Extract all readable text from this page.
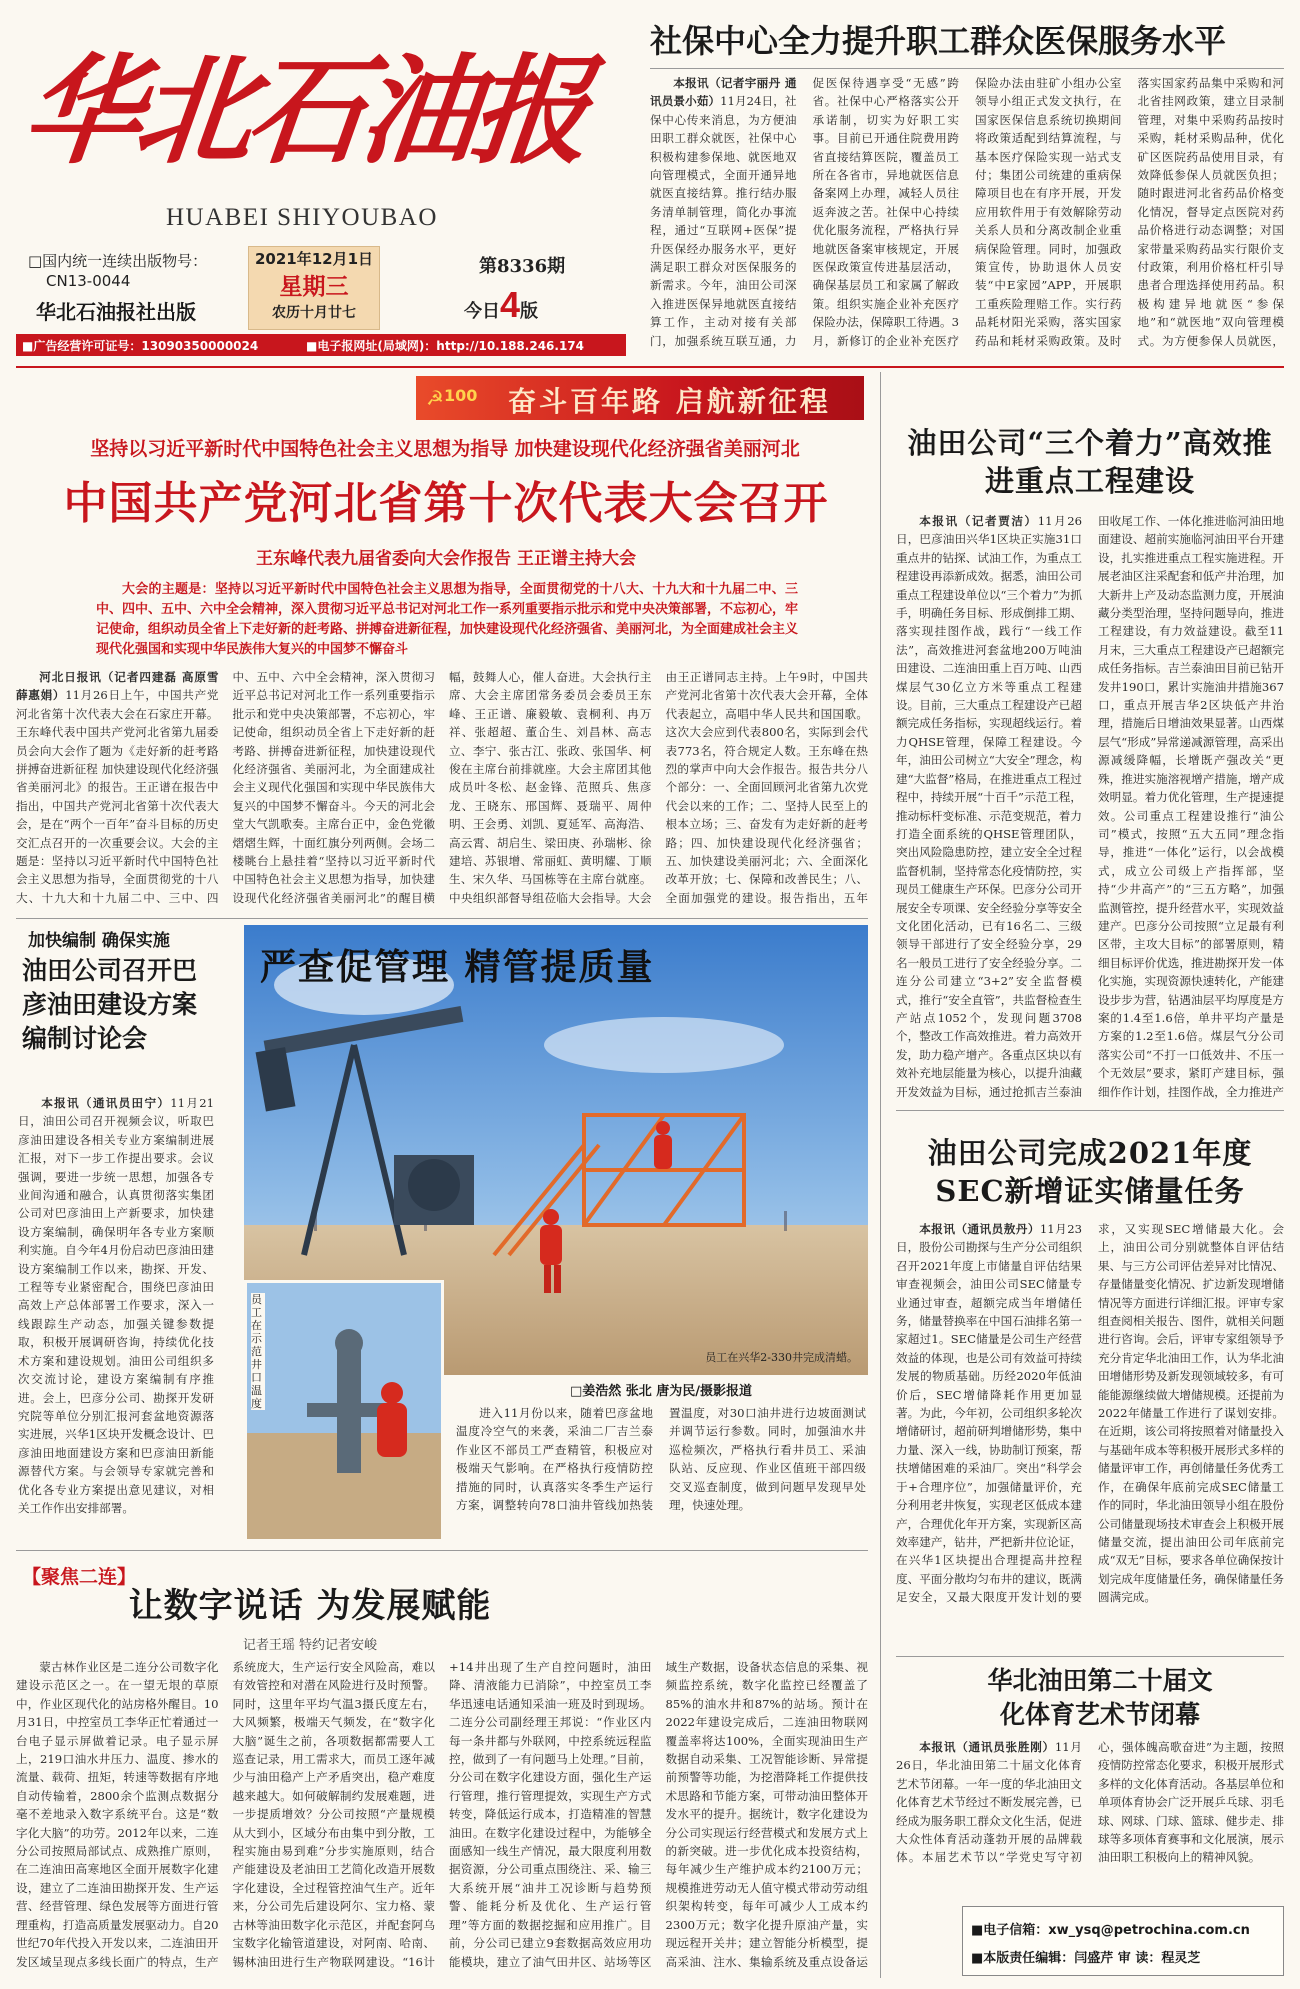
华北石油报
HUABEI SHIYOUBAO
□国内统一连续出版物号：
CN13-0044
华北石油报社出版
2021年12月1日
星期三
农历十月廿七
第8336期
今日4版
■广告经营许可证号：13090350000024	■电子报网址(局域网)：http://10.188.246.174
社保中心全力提升职工群众医保服务水平

本报讯（记者宇丽丹 通讯员景小茹）11月24日，社保中心传来消息，为方便油田职工群众就医，社保中心积极构建参保地、就医地双向管理模式，全面开通异地就医直接结算。推行结办服务清单制管理，简化办事流程，通过“互联网+医保”提升医保经办服务水平，更好满足职工群众对医保服务的新需求。今年，油田公司深入推进医保异地就医直接结算工作，主动对接有关部门，加强系统互联互通，力促医保待遇享受“无感”跨省。社保中心严格落实公开承诺制，切实为好职工实事。目前已开通住院费用跨省直接结算医院，覆盖员工所在各省市，异地就医信息备案网上办理，减轻人员往返奔波之苦。社保中心持续优化服务流程，严格执行异地就医备案审核规定，开展医保政策宣传进基层活动，确保基层员工和家属了解政策。组织实施企业补充医疗保险办法，保障职工待遇。3月，新修订的企业补充医疗保险办法由驻矿小组办公室领导小组正式发文执行，在国家医保信息系统切换期间将政策适配到结算流程，与基本医疗保险实现一站式支付；集团公司统建的重病保障项目也在有序开展，开发应用软件用于有效解除劳动关系人员和分离改制企业重病保险管理。同时，加强政策宣传，协助退休人员安装“中E家园”APP，开展职工重疾险理赔工作。实行药品耗材阳光采购，落实国家药品和耗材采购政策。及时落实国家药品集中采购和河北省挂网政策，建立目录制管理，对集中采购药品按时采购，耗材采购品种，优化矿区医院药品使用目录，有效降低参保人员就医负担；随时跟进河北省药品价格变化情况，督导定点医院对药品价格进行动态调整；对国家带量采购药品实行限价支付政策，利用价格杠杆引导患者合理选择使用药品。积极构建异地就医“参保地”和“就医地”双向管理模式。为方便参保人员就医，

☭ 100 奋斗百年路 启航新征程
坚持以习近平新时代中国特色社会主义思想为指导 加快建设现代化经济强省美丽河北
中国共产党河北省第十次代表大会召开
王东峰代表九届省委向大会作报告 王正谱主持大会
大会的主题是：坚持以习近平新时代中国特色社会主义思想为指导，全面贯彻党的十八大、十九大和十九届二中、三中、四中、五中、六中全会精神，深入贯彻习近平总书记对河北工作一系列重要指示批示和党中央决策部署，不忘初心，牢记使命，组织动员全省上下走好新的赶考路、拼搏奋进新征程，加快建设现代化经济强省、美丽河北，为全面建成社会主义现代化强国和实现中华民族伟大复兴的中国梦不懈奋斗

河北日报讯（记者四建磊 高原雪 薛惠娟）11月26日上午，中国共产党河北省第十次代表大会在石家庄开幕。王东峰代表中国共产党河北省第九届委员会向大会作了题为《走好新的赶考路 拼搏奋进新征程 加快建设现代化经济强省美丽河北》的报告。王正谱在报告中指出，中国共产党河北省第十次代表大会，是在“两个一百年”奋斗目标的历史交汇点召开的一次重要会议。大会的主题是：坚持以习近平新时代中国特色社会主义思想为指导，全面贯彻党的十八大、十九大和十九届二中、三中、四中、五中、六中全会精神，深入贯彻习近平总书记对河北工作一系列重要指示批示和党中央决策部署，不忘初心，牢记使命，组织动员全省上下走好新的赶考路、拼搏奋进新征程，加快建设现代化经济强省、美丽河北，为全面建成社会主义现代化强国和实现中华民族伟大复兴的中国梦不懈奋斗。今天的河北会堂大气凯歌奏。主席台正中，金色党徽熠熠生辉，十面红旗分列两侧。会场二楼眺台上悬挂着“坚持以习近平新时代中国特色社会主义思想为指导，加快建设现代化经济强省美丽河北”的醒目横幅，鼓舞人心，催人奋进。大会执行主席、大会主席团常务委员会委员王东峰、王正谱、廉毅敏、袁桐利、冉万祥、张超超、董仚生、刘昌林、高志立、李宁、张古江、张政、张国华、柯俊在主席台前排就座。大会主席团其他成员叶冬松、赵金锋、范照兵、焦彦龙、王晓东、邢国辉、聂瑞平、周仲明、王会勇、刘凯、夏延军、高海浩、高云霄、胡启生、梁田庚、孙瑞彬、徐建培、苏银增、常丽虹、黄明耀、丁顺生、宋久华、马国栋等在主席台就座。中央组织部督导组莅临大会指导。大会由王正谱同志主持。上午9时，中国共产党河北省第十次代表大会开幕，全体代表起立，高唱中华人民共和国国歌。这次大会应到代表800名，实际到会代表773名，符合规定人数。王东峰在热烈的掌声中向大会作报告。报告共分八个部分：一、全面回顾河北省第九次党代会以来的工作；二、坚持人民至上的根本立场；三、奋发有为走好新的赶考路；四、加快建设现代化经济强省；五、加快建设美丽河北；六、全面深化改革开放；七、保障和改善民生；八、全面加强党的建设。报告指出，五年

加快编制 确保实施
油田公司召开巴彦油田建设方案编制讨论会

本报讯（通讯员田宁）11月21日，油田公司召开视频会议，听取巴彦油田建设各相关专业方案编制进展汇报，对下一步工作提出要求。会议强调，要进一步统一思想，加强各专业间沟通和融合，认真贯彻落实集团公司对巴彦油田上产新要求，加快建设方案编制，确保明年各专业方案顺利实施。自今年4月份启动巴彦油田建设方案编制工作以来，勘探、开发、工程等专业紧密配合，围绕巴彦油田高效上产总体部署工作要求，深入一线跟踪生产动态，加强关键参数提取，积极开展调研咨询，持续优化技术方案和建设规划。油田公司组织多次交流讨论，建设方案编制有序推进。会上，巴彦分公司、勘探开发研究院等单位分别汇报河套盆地资源落实进展，兴华1区块开发概念设计、巴彦油田地面建设方案和巴彦油田新能源替代方案。与会领导专家就完善和优化各专业方案提出意见建议，对相关工作作出安排部署。

严查促管理 精管提质量
员工在兴华2-330井完成清蜡。
员工在示范井口温度
□姜浩然 张北 唐为民/摄影报道

进入11月份以来，随着巴彦盆地温度冷空气的来袭，采油二厂吉兰泰作业区不部员工严查精管，积极应对极端天气影响。在严格执行疫情防控措施的同时，认真落实冬季生产运行方案，调整转向78口油井管线加热装置温度，对30口油井进行边坡面测试并调节运行参数。同时，加强油水井巡检频次，严格执行看井员工、采油队站、反应现、作业区值班干部四级交叉巡查制度，做到问题早发现早处理，快速处理。

【聚焦二连】
让数字说话 为发展赋能
记者王瑶 特约记者安峻

蒙古林作业区是二连分公司数字化建设示范区之一。在一望无垠的草原中，作业区现代化的站房格外醒目。10月31日，中控室员工李华正忙着通过一台电子显示屏做着记录。电子显示屏上，219口油水井压力、温度、掺水的流量、载荷、扭矩，转速等数据有序地自动传输着，2800余个监测点数据分毫不差地录入数字系统平台。这是“数字化大脑”的功劳。2012年以来，二连分公司按照局部试点、成熟推广原则，在二连油田高寒地区全面开展数字化建设，建立了二连油田勘探开发、生产运营、经营管理、绿色发展等方面进行管理重构，打造高质量发展驱动力。自20世纪70年代投入开发以来，二连油田开发区域呈现点多线长面广的特点，生产系统庞大，生产运行安全风险高，难以有效管控和对潜在风险进行及时预警。同时，这里年平均气温3摄氏度左右，大风频繁，极端天气频发，在“数字化大脑”诞生之前，各项数据都需要人工巡查记录，用工需求大，而员工逐年减少与油田稳产上产矛盾突出，稳产难度越来越大。如何破解制约发展难题，进一步提质增效？分公司按照“产量规模从大到小，区域分布由集中到分散，工程实施由易到难”分步实施原则，结合产能建设及老油田工艺简化改造开展数字化建设，全过程管控油气生产。近年来，分公司先后建设阿尔、宝力格、蒙古林等油田数字化示范区，并配套阿乌宝数字化输管道建设，对阿南、哈南、锡林油田进行生产物联网建设。“16计+14井出现了生产自控问题时，油田降、清液能力已消除”，中控室员工李华迅速电话通知采油一班及时到现场。二连分公司副经理王邦说：“作业区内每一条井都与外联网，中控系统远程监控，做到了一有问题马上处理。”目前，分公司在数字化建设方面，强化生产运行管理，推行管理提效，实现生产方式转变，降低运行成本，打造精准的智慧油田。在数字化建设过程中，为能够全面感知一线生产情况，最大限度利用数据资源，分公司重点围绕注、采、输三大系统开展“油井工况诊断与趋势预警、能耗分析及优化、生产运行管理”等方面的数据挖掘和应用推广。目前，分公司已建立9套数据高效应用功能模块，建立了油气田井区、站场等区域生产数据，设备状态信息的采集、视频监控系统，数字化监控已经覆盖了85%的油水井和87%的站场。预计在2022年建设完成后，二连油田物联网覆盖率将达100%，全面实现油田生产数据自动采集、工况智能诊断、异常提前预警等功能，为挖潜降耗工作提供技术思路和节能方案，可带动油田整体开发水平的提升。据统计，数字化建设为分公司实现运行经营模式和发展方式上的新突破。进一步优化成本投资结构，每年减少生产维护成本约2100万元；规模推进劳动无人值守模式带动劳动组织架构转变，每年可减少人工成本约2300万元；数字化提升原油产量，实现远程开关井；建立智能分析模型，提高采油、注水、集输系统及重点设备运

油田公司“三个着力”高效推进重点工程建设

本报讯（记者贾洁）11月26日，巴彦油田兴华1区块正实施31口重点井的钻探、试油工作，为重点工程建设再添新成效。据悉，油田公司重点工程建设单位以“三个着力”为抓手，明确任务目标、形成倒排工期、落实现挂图作战，践行“一线工作法”，高效推进河套盆地200万吨油田建设、二连油田重上百万吨、山西煤层气30亿立方米等重点工程建设。目前，三大重点工程建设产已超额完成任务指标，实现超线运行。着力QHSE管理，保障工程建设。今年，油田公司树立“大安全”理念，构建“大监督”格局，在推进重点工程过程中，持续开展“十百千”示范工程，推动标杆变标准、示范变规范，着力打造全面系统的QHSE管理团队，突出风险隐患防控，建立安全全过程监督机制，坚持常态化疫情防控，实现员工健康生产环保。巴彦分公司开展安全专项课、安全经验分享等安全文化团化活动，已有16名二、三级领导干部进行了安全经验分享，29名一般员工进行了安全经验分享。二连分公司建立“3+2”安全监督模式，推行“安全直管”，共监督检查生产站点1052个，发现问题3708个，整改工作高效推进。着力高效开发，助力稳产增产。各重点区块以有效补充地层能量为核心，以提升油藏开发效益为目标，通过抢抓吉兰泰油田收尾工作、一体化推进临河油田地面建设、超前实施临河油田平台开建设，扎实推进重点工程实施进程。开展老油区注采配套和低产井治理，加大新井上产及动态监测力度，开展油藏分类型治理，坚持问题导向，推进工程建设，有力效益建设。截至11月末，三大重点工程建设产已超额完成任务指标。吉兰泰油田目前已钻开发井190口，累计实施油井措施367口，重点开展吉华2区块低产井治理，措施后日增油效果显著。山西煤层气“形成”异常递减源管理，高采出源减缓降幅，长增既产强改关“更殊，推进实施溶视增产措施，增产成效明显。着力优化管理，生产提速提效。公司重点工程建设推行“油公司”模式，按照“五大五同”理念指导，推进“一体化”运行，以会战模式，成立公司级上产指挥部，坚持“少井高产”的“三五方略”，加强监测管控，提升经营水平，实现效益建产。巴彦分公司按照“立足最有利区带，主攻大目标”的部署原则，精细目标评价优选，推进勘探开发一体化实施，实现资源快速转化，产能建设步步为营，钻遇油层平均厚度是方案的1.4至1.6倍，单井平均产量是方案的1.2至1.6倍。煤层气分公司落实公司“不打一口低效井、不压一个无效层”要求，紧盯产建目标，强细作作计划，挂图作战，全力推进产

油田公司完成2021年度SEC新增证实储量任务

本报讯（通讯员敖丹）11月23日，股份公司勘探与生产分公司组织召开2021年度上市储量自评估结果审查视频会，油田公司SEC储量专业通过审查，超额完成当年增储任务，储量替换率在中国石油排名第一家超过1。SEC储量是公司生产经营效益的体现，也是公司有效益可持续发展的物质基础。历经2020年低油价后，SEC增储降耗作用更加显著。为此，今年初，公司组织多轮次增储研讨，超前研判增储形势，集中力量、深入一线，协助制订预案，帮扶增储困难的采油厂。突出“科学会于+合理序位”，加强储量评价，充分利用老井恢复，实现老区低成本建产，合理优化年开方案，实现新区高效率建产，钻井，严把新井位论证，在兴华1区块提出合理提高井控程度、平面分散均匀布井的建议，既满足安全，又最大限度开发计划的要求，又实现SEC增储最大化。会上，油田公司分别就整体自评估结果、与三方公司评估差异对比情况、存量储量变化情况、扩边新发现增储情况等方面进行详细汇报。评审专家组查阅相关报告、图件，就相关问题进行咨询。会后，评审专家组领导予充分肯定华北油田工作，认为华北油田增储形势及新发现领域较多，有可能能源继续做大增储规模。还提前为2022年储量工作进行了谋划安排。在近期，该公司将按照着对储量投入与基础年成本等积极开展形式多样的储量评审工作，再创储量任务优秀工作，在确保年底前完成SEC储量工作的同时，华北油田领导小组在股份公司储量现场技术审查会上积极开展储量交流，提出油田公司年底前完成“双无”目标，要求各单位确保按计划完成年度储量任务，确保储量任务圆满完成。

华北油田第二十届文化体育艺术节闭幕

本报讯（通讯员张胜刚）11月26日，华北油田第二十届文化体育艺术节闭幕。一年一度的华北油田文化体育艺术节经过不断发展完善，已经成为服务职工群众文化生活，促进大众性体育活动蓬勃开展的品牌载体。本届艺术节以“学党史写守初心，强体魄高歌奋进”为主题，按照疫情防控常态化要求，积极开展形式多样的文化体育活动。各基层单位和单项体育协会广泛开展乒乓球、羽毛球、网球、门球、篮球、健步走、排球等多项体育赛事和文化展演，展示油田职工积极向上的精神风貌。

■电子信箱：xw_ysq@petrochina.com.cn
■本版责任编辑：闫盛芹 审 读：程灵芝
